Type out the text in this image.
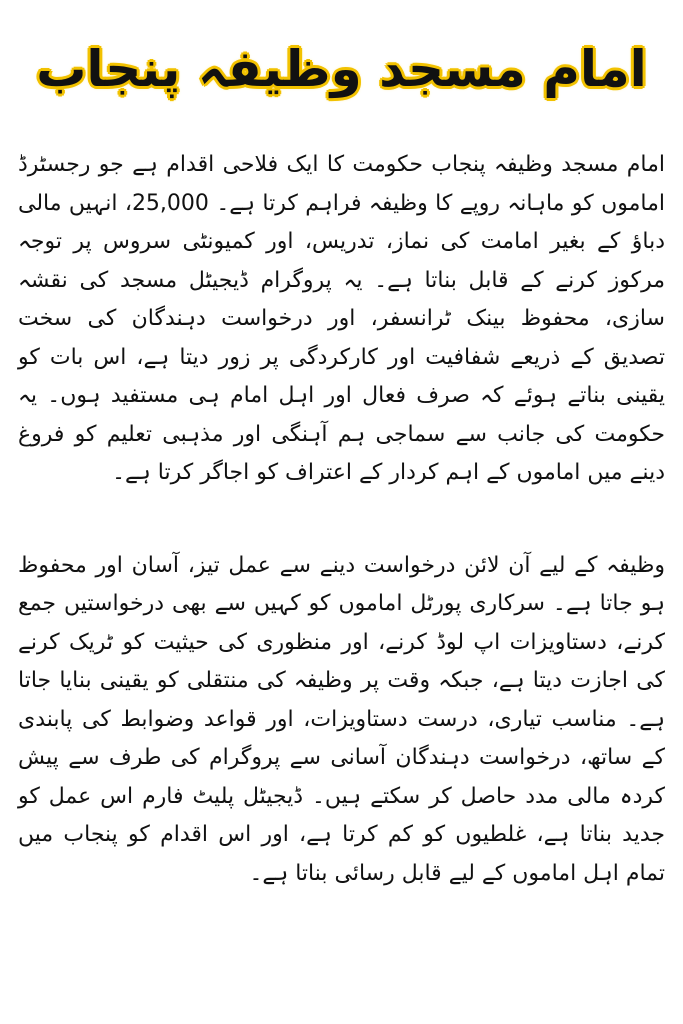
امام مسجد وظیفہ پنجاب

امام مسجد وظیفہ پنجاب حکومت کا ایک فلاحی اقدام ہے جو رجسٹرڈ اماموں کو ماہانہ روپے کا وظیفہ فراہم کرتا ہے۔ 25,000، انہیں مالی دباؤ کے بغیر امامت کی نماز، تدریس، اور کمیونٹی سروس پر توجہ مرکوز کرنے کے قابل بناتا ہے۔ یہ پروگرام ڈیجیٹل مسجد کی نقشہ سازی، محفوظ بینک ٹرانسفر، اور درخواست دہندگان کی سخت تصدیق کے ذریعے شفافیت اور کارکردگی پر زور دیتا ہے، اس بات کو یقینی بناتے ہوئے کہ صرف فعال اور اہل امام ہی مستفید ہوں۔ یہ حکومت کی جانب سے سماجی ہم آہنگی اور مذہبی تعلیم کو فروغ دینے میں اماموں کے اہم کردار کے اعتراف کو اجاگر کرتا ہے۔

وظیفہ کے لیے آن لائن درخواست دینے سے عمل تیز، آسان اور محفوظ ہو جاتا ہے۔ سرکاری پورٹل اماموں کو کہیں سے بھی درخواستیں جمع کرنے، دستاویزات اپ لوڈ کرنے، اور منظوری کی حیثیت کو ٹریک کرنے کی اجازت دیتا ہے، جبکہ وقت پر وظیفہ کی منتقلی کو یقینی بنایا جاتا ہے۔ مناسب تیاری، درست دستاویزات، اور قواعد وضوابط کی پابندی کے ساتھ، درخواست دہندگان آسانی سے پروگرام کی طرف سے پیش کردہ مالی مدد حاصل کر سکتے ہیں۔ ڈیجیٹل پلیٹ فارم اس عمل کو جدید بناتا ہے، غلطیوں کو کم کرتا ہے، اور اس اقدام کو پنجاب میں تمام اہل اماموں کے لیے قابل رسائی بناتا ہے۔
